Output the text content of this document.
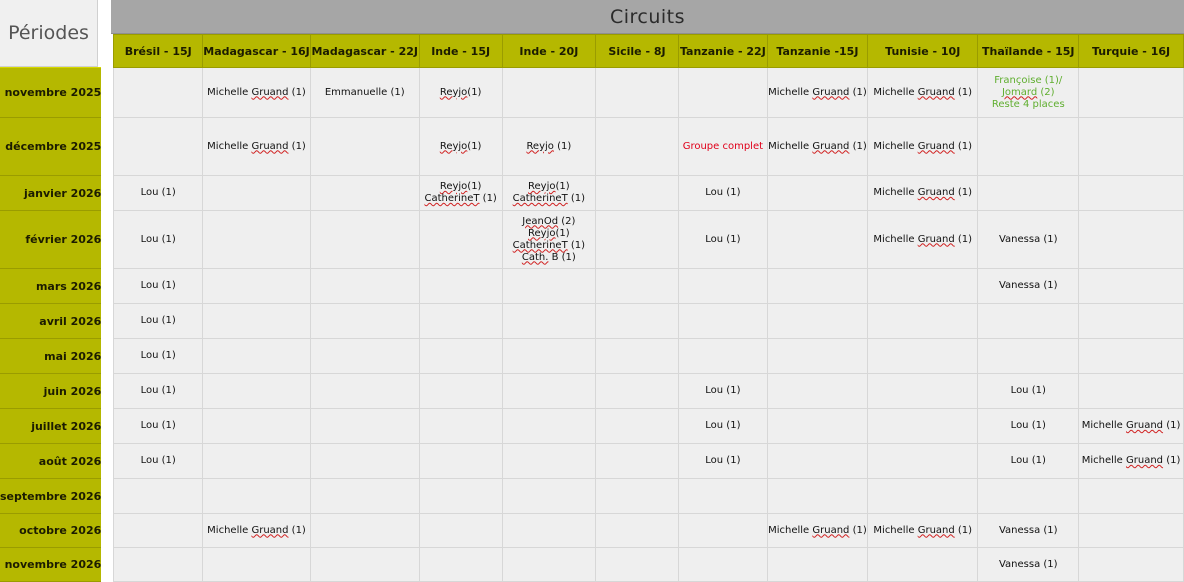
Périodes
Circuits
		Brésil - 15J	Madagascar - 16J	Madagascar - 22J	Inde - 15J	Inde - 20J	Sicile - 8J	Tanzanie - 22J	Tanzanie -15J	Tunisie - 10J	Thaïlande - 15J	Turquie - 16J
novembre 2025			Michelle Gruand (1)	Emmanuelle (1)	Reyjo(1)				Michelle Gruand (1)	Michelle Gruand (1)	Françoise (1)/
Jomard (2)
Reste 4 places	
décembre 2025			Michelle Gruand (1)		Reyjo(1)	Reyjo (1)		Groupe complet	Michelle Gruand (1)	Michelle Gruand (1)		
janvier 2026		Lou (1)			Reyjo(1)
CatherineT (1)	Reyjo(1)
CatherineT (1)		Lou (1)		Michelle Gruand (1)		
février 2026		Lou (1)				JeanOd (2)
Reyjo(1)
CatherineT (1)
Cath. B (1)		Lou (1)		Michelle Gruand (1)	Vanessa (1)	
mars 2026		Lou (1)									Vanessa (1)	
avril 2026		Lou (1)										
mai 2026		Lou (1)										
juin 2026		Lou (1)						Lou (1)			Lou (1)	
juillet 2026		Lou (1)						Lou (1)			Lou (1)	Michelle Gruand (1)
août 2026		Lou (1)						Lou (1)			Lou (1)	Michelle Gruand (1)
septembre 2026												
octobre 2026			Michelle Gruand (1)						Michelle Gruand (1)	Michelle Gruand (1)	Vanessa (1)	
novembre 2026											Vanessa (1)	
